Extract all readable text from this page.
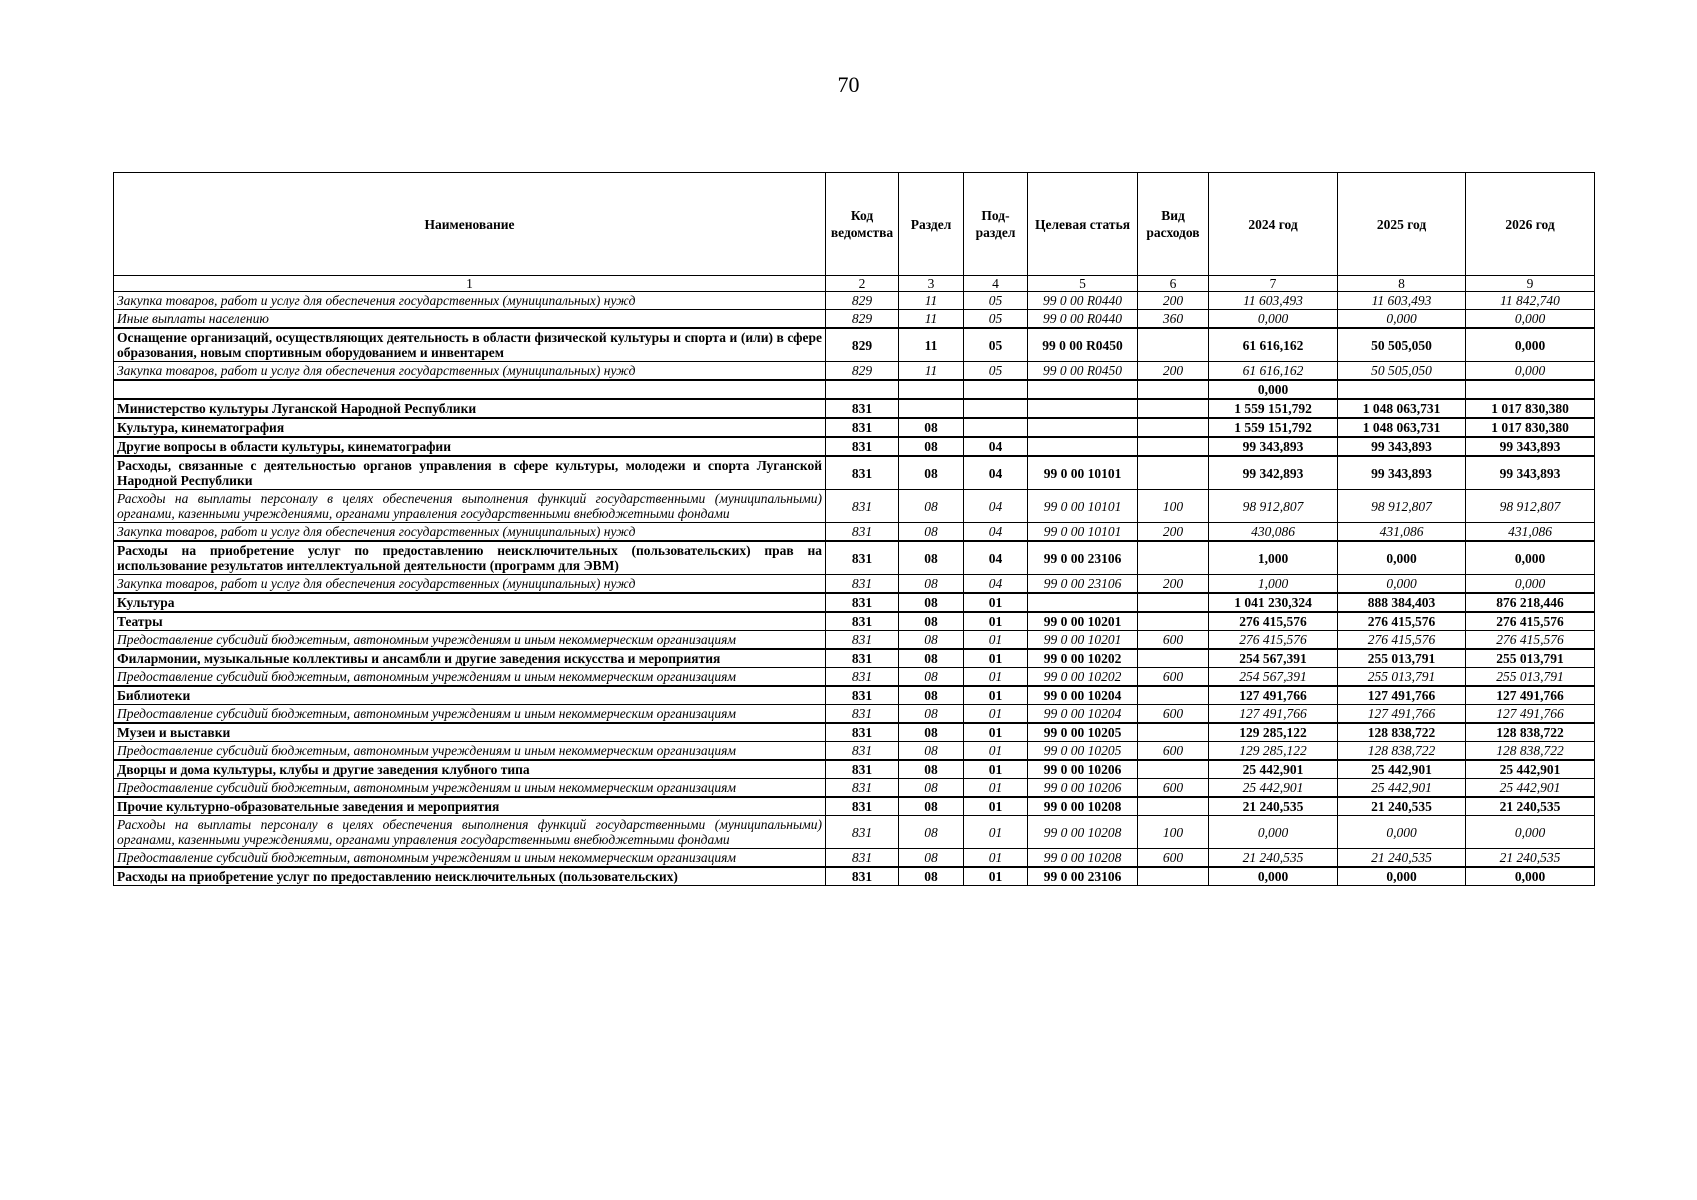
70
Наименование	Код ведомства	Раздел	Под-раздел	Целевая статья	Вид расходов	2024 год	2025 год	2026 год
1	2	3	4	5	6	7	8	9
Закупка товаров, работ и услуг для обеспечения государственных (муниципальных) нужд	829	11	05	99 0 00 R0440	200	11 603,493	11 603,493	11 842,740
Иные выплаты населению	829	11	05	99 0 00 R0440	360	0,000	0,000	0,000
Оснащение организаций, осуществляющих деятельность в области физической культуры и спорта и (или) в сфере образования, новым спортивным оборудованием и инвентарем	829	11	05	99 0 00 R0450		61 616,162	50 505,050	0,000
Закупка товаров, работ и услуг для обеспечения государственных (муниципальных) нужд	829	11	05	99 0 00 R0450	200	61 616,162	50 505,050	0,000
						0,000		
Министерство культуры Луганской Народной Республики	831					1 559 151,792	1 048 063,731	1 017 830,380
Культура, кинематография	831	08				1 559 151,792	1 048 063,731	1 017 830,380
Другие вопросы в области культуры, кинематографии	831	08	04			99 343,893	99 343,893	99 343,893
Расходы, связанные с деятельностью органов управления в сфере культуры, молодежи и спорта Луганской Народной Республики	831	08	04	99 0 00 10101		99 342,893	99 343,893	99 343,893
Расходы на выплаты персоналу в целях обеспечения выполнения функций государственными (муниципальными) органами, казенными учреждениями, органами управления государственными внебюджетными фондами	831	08	04	99 0 00 10101	100	98 912,807	98 912,807	98 912,807
Закупка товаров, работ и услуг для обеспечения государственных (муниципальных) нужд	831	08	04	99 0 00 10101	200	430,086	431,086	431,086
Расходы на приобретение услуг по предоставлению неисключительных (пользовательских) прав на использование результатов интеллектуальной деятельности (программ для ЭВМ)	831	08	04	99 0 00 23106		1,000	0,000	0,000
Закупка товаров, работ и услуг для обеспечения государственных (муниципальных) нужд	831	08	04	99 0 00 23106	200	1,000	0,000	0,000
Культура	831	08	01			1 041 230,324	888 384,403	876 218,446
Театры	831	08	01	99 0 00 10201		276 415,576	276 415,576	276 415,576
Предоставление субсидий бюджетным, автономным учреждениям и иным некоммерческим организациям	831	08	01	99 0 00 10201	600	276 415,576	276 415,576	276 415,576
Филармонии, музыкальные коллективы и ансамбли и другие заведения искусства и мероприятия	831	08	01	99 0 00 10202		254 567,391	255 013,791	255 013,791
Предоставление субсидий бюджетным, автономным учреждениям и иным некоммерческим организациям	831	08	01	99 0 00 10202	600	254 567,391	255 013,791	255 013,791
Библиотеки	831	08	01	99 0 00 10204		127 491,766	127 491,766	127 491,766
Предоставление субсидий бюджетным, автономным учреждениям и иным некоммерческим организациям	831	08	01	99 0 00 10204	600	127 491,766	127 491,766	127 491,766
Музеи и выставки	831	08	01	99 0 00 10205		129 285,122	128 838,722	128 838,722
Предоставление субсидий бюджетным, автономным учреждениям и иным некоммерческим организациям	831	08	01	99 0 00 10205	600	129 285,122	128 838,722	128 838,722
Дворцы и дома культуры, клубы и другие заведения клубного типа	831	08	01	99 0 00 10206		25 442,901	25 442,901	25 442,901
Предоставление субсидий бюджетным, автономным учреждениям и иным некоммерческим организациям	831	08	01	99 0 00 10206	600	25 442,901	25 442,901	25 442,901
Прочие культурно-образовательные заведения и мероприятия	831	08	01	99 0 00 10208		21 240,535	21 240,535	21 240,535
Расходы на выплаты персоналу в целях обеспечения выполнения функций государственными (муниципальными) органами, казенными учреждениями, органами управления государственными внебюджетными фондами	831	08	01	99 0 00 10208	100	0,000	0,000	0,000
Предоставление субсидий бюджетным, автономным учреждениям и иным некоммерческим организациям	831	08	01	99 0 00 10208	600	21 240,535	21 240,535	21 240,535
Расходы на приобретение услуг по предоставлению неисключительных (пользовательских)	831	08	01	99 0 00 23106		0,000	0,000	0,000
